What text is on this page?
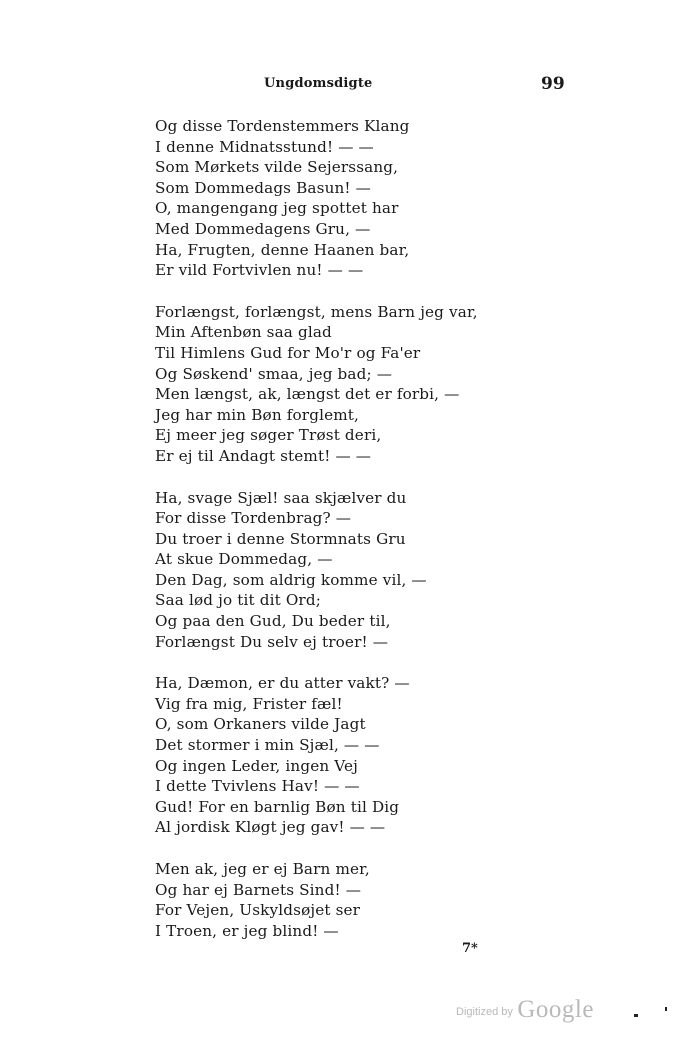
Ungdomsdigte	99
Og disse Tordenstemmers Klang
I denne Midnatsstund! — —
Som Mørkets vilde Sejerssang,
Som Dommedags Basun! —
O, mangengang jeg spottet har
Med Dommedagens Gru, —
Ha, Frugten, denne Haanen bar,
Er vild Fortvivlen nu! — —
Forlængst, forlængst, mens Barn jeg var,
Min Aftenbøn saa glad
Til Himlens Gud for Mo'r og Fa'er
Og Søskend' smaa, jeg bad; —
Men længst, ak, længst det er forbi, —
Jeg har min Bøn forglemt,
Ej meer jeg søger Trøst deri,
Er ej til Andagt stemt! — —
Ha, svage Sjæl! saa skjælver du
For disse Tordenbrag? —
Du troer i denne Stormnats Gru
At skue Dommedag, —
Den Dag, som aldrig komme vil, —
Saa lød jo tit dit Ord;
Og paa den Gud, Du beder til,
Forlængst Du selv ej troer! —
Ha, Dæmon, er du atter vakt? —
Vig fra mig, Frister fæl!
O, som Orkaners vilde Jagt
Det stormer i min Sjæl, — —
Og ingen Leder, ingen Vej
I dette Tvivlens Hav! — —
Gud! For en barnlig Bøn til Dig
Al jordisk Kløgt jeg gav! — —
Men ak, jeg er ej Barn mer,
Og har ej Barnets Sind! —
For Vejen, Uskyldsøjet ser
I Troen, er jeg blind! —
7*
Digitized by Google
